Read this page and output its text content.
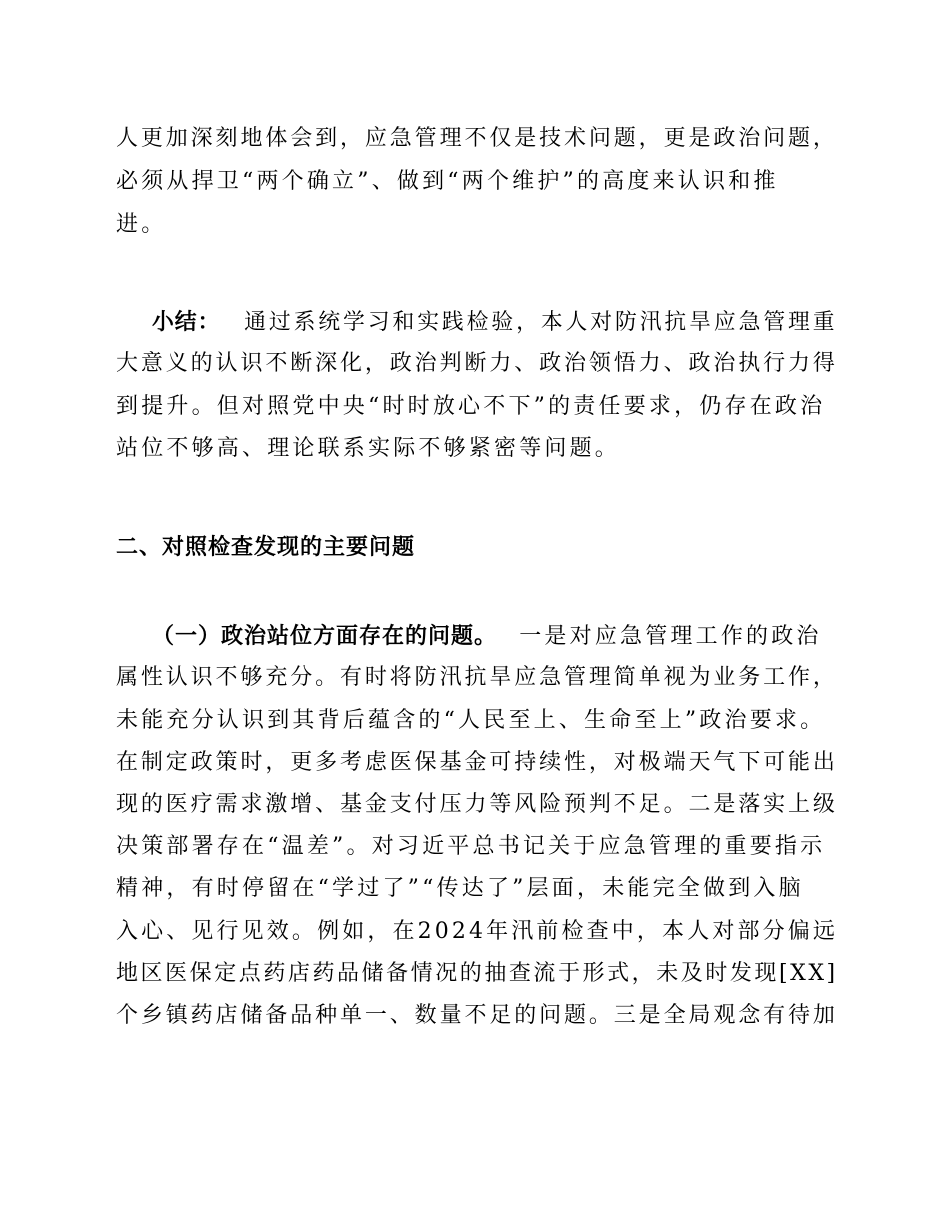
人更加深刻地体会到，应急管理不仅是技术问题，更是政治问题，
必须从捍卫“两个确立”、做到“两个维护”的高度来认识和推
进。
小结： 通过系统学习和实践检验，本人对防汛抗旱应急管理重
大意义的认识不断深化，政治判断力、政治领悟力、政治执行力得
到提升。但对照党中央“时时放心不下”的责任要求，仍存在政治
站位不够高、理论联系实际不够紧密等问题。
二、对照检查发现的主要问题
（一）政治站位方面存在的问题。 一是对应急管理工作的政治
属性认识不够充分。有时将防汛抗旱应急管理简单视为业务工作，
未能充分认识到其背后蕴含的“人民至上、生命至上”政治要求。
在制定政策时，更多考虑医保基金可持续性，对极端天气下可能出
现的医疗需求激增、基金支付压力等风险预判不足。二是落实上级
决策部署存在“温差”。对习近平总书记关于应急管理的重要指示
精神，有时停留在“学过了”“传达了”层面，未能完全做到入脑
入心、见行见效。例如，在2024年汛前检查中，本人对部分偏远
地区医保定点药店药品储备情况的抽查流于形式，未及时发现[XX]
个乡镇药店储备品种单一、数量不足的问题。三是全局观念有待加
